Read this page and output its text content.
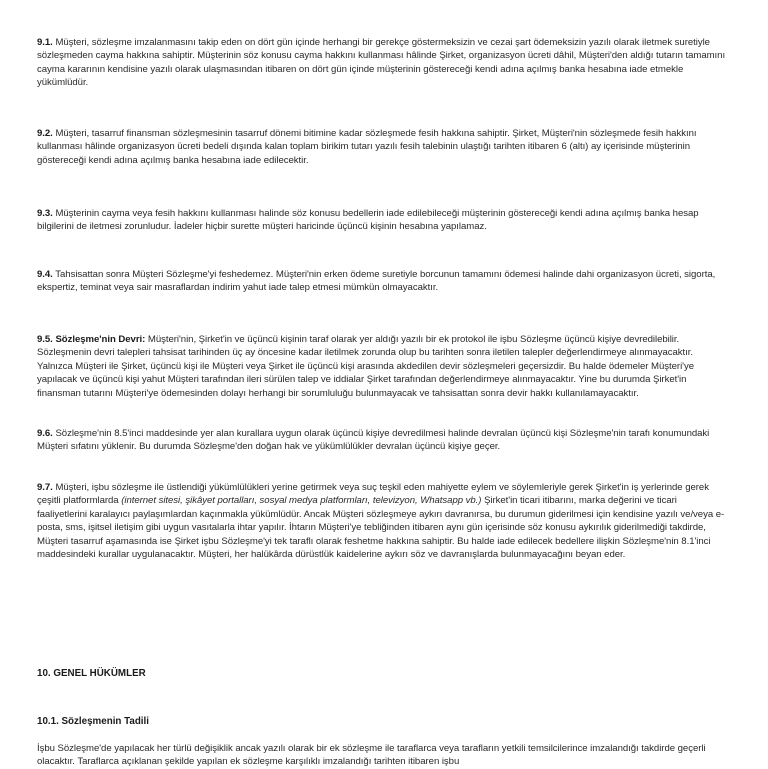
9.1. Müşteri, sözleşme imzalanmasını takip eden on dört gün içinde herhangi bir gerekçe göstermeksizin ve cezai şart ödemeksizin yazılı olarak iletmek suretiyle sözleşmeden cayma hakkına sahiptir. Müşterinin söz konusu cayma hakkını kullanması hâlinde Şirket, organizasyon ücreti dâhil, Müşteri'den aldığı tutarın tamamını cayma kararının kendisine yazılı olarak ulaşmasından itibaren on dört gün içinde müşterinin göstereceği kendi adına açılmış banka hesabına iade etmekle yükümlüdür.

9.2. Müşteri, tasarruf finansman sözleşmesinin tasarruf dönemi bitimine kadar sözleşmede fesih hakkına sahiptir. Şirket, Müşteri'nin sözleşmede fesih hakkını kullanması hâlinde organizasyon ücreti bedeli dışında kalan toplam birikim tutarı yazılı fesih talebinin ulaştığı tarihten itibaren 6 (altı) ay içerisinde müşterinin göstereceği kendi adına açılmış banka hesabına iade edilecektir.

9.3. Müşterinin cayma veya fesih hakkını kullanması halinde söz konusu bedellerin iade edilebileceği müşterinin göstereceği kendi adına açılmış banka hesap bilgilerini de iletmesi zorunludur. İadeler hiçbir surette müşteri haricinde üçüncü kişinin hesabına yapılamaz.

9.4. Tahsisattan sonra Müşteri Sözleşme'yi feshedemez. Müşteri'nin erken ödeme suretiyle borcunun tamamını ödemesi halinde dahi organizasyon ücreti, sigorta, ekspertiz, teminat veya sair masraflardan indirim yahut iade talep etmesi mümkün olmayacaktır.

9.5. Sözleşme'nin Devri: Müşteri'nin, Şirket'in ve üçüncü kişinin taraf olarak yer aldığı yazılı bir ek protokol ile işbu Sözleşme üçüncü kişiye devredilebilir. Sözleşmenin devri talepleri tahsisat tarihinden üç ay öncesine kadar iletilmek zorunda olup bu tarihten sonra iletilen talepler değerlendirmeye alınmayacaktır. Yalnızca Müşteri ile Şirket, üçüncü kişi ile Müşteri veya Şirket ile üçüncü kişi arasında akdedilen devir sözleşmeleri geçersizdir. Bu halde ödemeler Müşteri'ye yapılacak ve üçüncü kişi yahut Müşteri tarafından ileri sürülen talep ve iddialar Şirket tarafından değerlendirmeye alınmayacaktır. Yine bu durumda Şirket'in finansman tutarını Müşteri'ye ödemesinden dolayı herhangi bir sorumluluğu bulunmayacak ve tahsisattan sonra devir hakkı kullanılamayacaktır.

9.6. Sözleşme'nin 8.5'inci maddesinde yer alan kurallara uygun olarak üçüncü kişiye devredilmesi halinde devralan üçüncü kişi Sözleşme'nin tarafı konumundaki Müşteri sıfatını yüklenir. Bu durumda Sözleşme'den doğan hak ve yükümlülükler devralan üçüncü kişiye geçer.

9.7. Müşteri, işbu sözleşme ile üstlendiği yükümlülükleri yerine getirmek veya suç teşkil eden mahiyette eylem ve söylemleriyle gerek Şirket'in iş yerlerinde gerek çeşitli platformlarda (internet sitesi, şikâyet portalları, sosyal medya platformları, televizyon, Whatsapp vb.) Şirket'in ticari itibarını, marka değerini ve ticari faaliyetlerini karalayıcı paylaşımlardan kaçınmakla yükümlüdür. Ancak Müşteri sözleşmeye aykırı davranırsa, bu durumun giderilmesi için kendisine yazılı ve/veya e-posta, sms, işitsel iletişim gibi uygun vasıtalarla ihtar yapılır. İhtarın Müşteri'ye tebliğinden itibaren aynı gün içerisinde söz konusu aykırılık giderilmediği takdirde, Müşteri tasarruf aşamasında ise Şirket işbu Sözleşme'yi tek taraflı olarak feshetme hakkına sahiptir. Bu halde iade edilecek bedellere ilişkin Sözleşme'nin 8.1'inci maddesindeki kurallar uygulanacaktır. Müşteri, her halükârda dürüstlük kaidelerine aykırı söz ve davranışlarda bulunmayacağını beyan eder.

10. GENEL HÜKÜMLER
10.1. Sözleşmenin Tadili

İşbu Sözleşme'de yapılacak her türlü değişiklik ancak yazılı olarak bir ek sözleşme ile taraflarca veya tarafların yetkili temsilcilerince imzalandığı takdirde geçerli olacaktır. Taraflarca açıklanan şekilde yapılan ek sözleşme karşılıklı imzalandığı tarihten itibaren işbu
